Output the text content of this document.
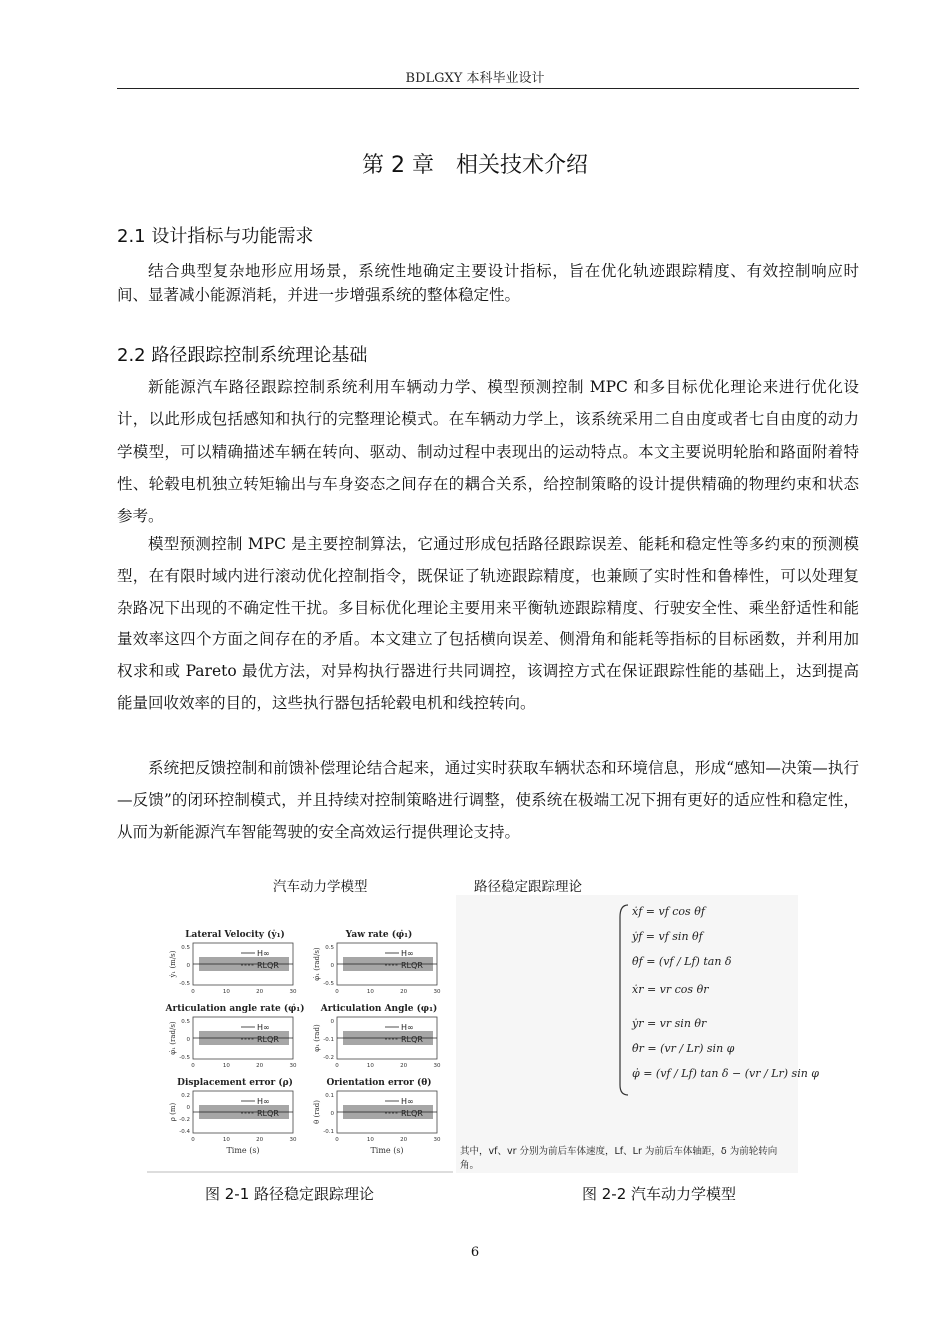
BDLGXY 本科毕业设计
第 2 章　相关技术介绍
2.1 设计指标与功能需求
结合典型复杂地形应用场景，系统性地确定主要设计指标，旨在优化轨迹跟踪精度、有效控制响应时间、显著减小能源消耗，并进一步增强系统的整体稳定性。
2.2 路径跟踪控制系统理论基础
新能源汽车路径跟踪控制系统利用车辆动力学、模型预测控制 MPC 和多目标优化理论来进行优化设计，以此形成包括感知和执行的完整理论模式。在车辆动力学上，该系统采用二自由度或者七自由度的动力学模型，可以精确描述车辆在转向、驱动、制动过程中表现出的运动特点。本文主要说明轮胎和路面附着特性、轮毂电机独立转矩输出与车身姿态之间存在的耦合关系，给控制策略的设计提供精确的物理约束和状态参考。
模型预测控制 MPC 是主要控制算法，它通过形成包括路径跟踪误差、能耗和稳定性等多约束的预测模型，在有限时域内进行滚动优化控制指令，既保证了轨迹跟踪精度，也兼顾了实时性和鲁棒性，可以处理复杂路况下出现的不确定性干扰。多目标优化理论主要用来平衡轨迹跟踪精度、行驶安全性、乘坐舒适性和能量效率这四个方面之间存在的矛盾。本文建立了包括横向误差、侧滑角和能耗等指标的目标函数，并利用加权求和或 Pareto 最优方法，对异构执行器进行共同调控，该调控方式在保证跟踪性能的基础上，达到提高能量回收效率的目的，这些执行器包括轮毂电机和线控转向。
系统把反馈控制和前馈补偿理论结合起来，通过实时获取车辆状态和环境信息，形成“感知—决策—执行—反馈”的闭环控制模式，并且持续对控制策略进行调整，使系统在极端工况下拥有更好的适应性和稳定性，从而为新能源汽车智能驾驶的安全高效运行提供理论支持。
汽车动力学模型	路径稳定跟踪理论
Lateral Velocity (ẏ₁)
H∞
RLQR
0.5
0
-0.5
ẏ₁ (m/s)
0	10	20	30
Yaw rate (φ̇₁)
H∞
RLQR
0.5
0
-0.5
φ̇₁ (rad/s)
0	10	20	30
Articulation angle rate (φ̇₁)
H∞
RLQR
0.5
0
-0.5
φ̇₁ (rad/s)
0	10	20	30
Articulation Angle (φ₁)
H∞
RLQR
0
-0.1
-0.2
φ₁ (rad)
0	10	20	30
Displacement error (ρ)
H∞
RLQR
0.2
0
-0.2
-0.4
ρ (m)
0	10	20	30
Time (s)
Orientation error (θ)
H∞
RLQR
0.1
0
-0.1
θ (rad)
0	10	20	30
Time (s)
ẋf = vf cos θf
ẏf = vf sin θf
θ̇f = (vf / Lf) tan δ
ẋr = vr cos θr
ẏr = vr sin θr
θ̇r = (vr / Lr) sin φ
φ̇ = (vf / Lf) tan δ − (vr / Lr) sin φ
其中，vf、vr 分别为前后车体速度，Lf、Lr 为前后车体轴距，δ 为前轮转向角。
图 2-1 路径稳定跟踪理论	图 2-2 汽车动力学模型
6
